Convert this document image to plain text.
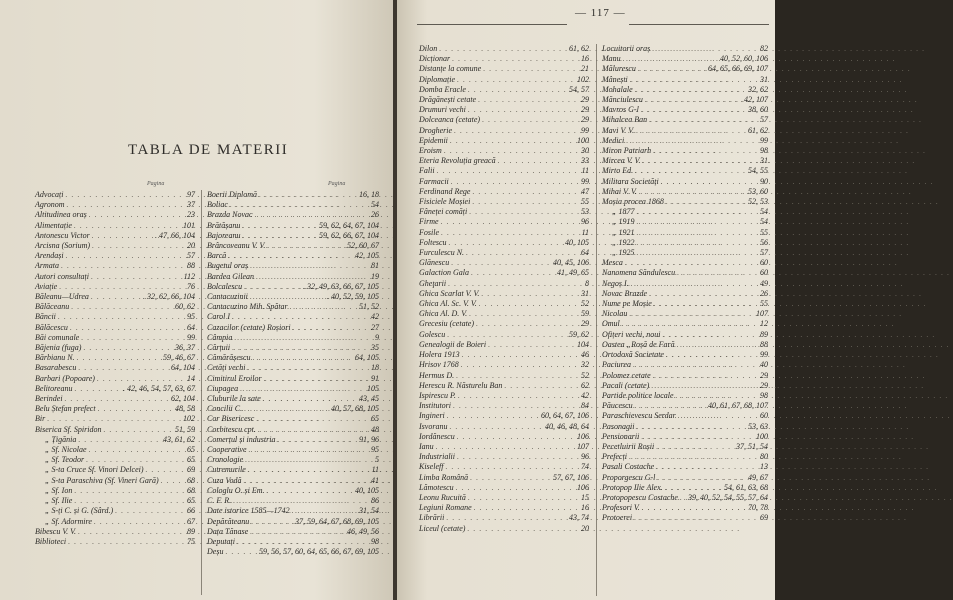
TABLA DE MATERII
Pagina	Pagina
Advocați . . .	97
Agronom . . .	37
Altitudinea oraș . . .	23
Alimentație . . .	101
Antonescu Victor . . .	. 47, 66, 104
Arcisna (Sorium) . . .	20
Arendași . . .	57
Armata . . .	88
Autori consultați . . .	112
Aviație . . .	76
Băleanu—Udrea . . .	. 32, 62, 66, 104
Bălăceanu . . .	60, 62
Băncii . . .	95
Bălăcescu . . .	64
Băi comunale . . .	99
Băjenia (fuga) . . .	36, 37
Bărbianu N. . . .	59, 46, 67
Basarabescu . . .	64, 104
Barbari (Popoare) . . .	14
Belitoreanu . . .	. 42, 46, 54, 57, 63, 67
Berindei . . .	62, 104
Belu Ștefan prefect . . .	48, 58
Bir . . .	102
Biserica Sf. Spiridon . . .	51, 59
„ Țigănia . . .	43, 61, 62
„ Sf. Nicolae . . .	65
„ Sf. Teodor . . .	65
„ S-ta Cruce Sf. Vinori Delcei) . . .	69
„ S-ta Paraschiva (Sf. Vineri Gară) . . .	68
„ Sf. Ion . . .	68
„ Sf. Ilie . . .	65
„ S-ți C. și G. (Sârd.) . . .	66
„ Sf. Adormire . . .	67
Bibescu V. V. . . .	89
Biblioteci . . .	75
Boerii Diplomă . . .	16, 18
Boliac . . .	54
Brazda Novac . . .	26
Brătășanu . . .	59, 62, 64, 67, 104
Bajoreanu . . .	59, 62, 66, 67, 104
Brâncoveanu V. V. . . .	52, 60, 67
Barcă . . .	42, 105
Bugetul oraș . . .	81
Bardea Gilean . . .	19
Bolcalescu . . .	. 32, 49, 63, 66, 67, 105
Cantacuzinii . . .	. 40, 52, 59, 105
Cantacuzino Mih. Spătar . . .	51, 52
Carol I . . .	42
Cazacilor (cetate) Roșiori . . .	27
Câmpia . . .	9
Cărțuii . . .	35
Cămărășescu . . .	64, 105
Cetăți vechi . . .	18
Cimitirul Eroilor . . .	91
Ciupagea . . .	105
Cluburile la sate . . .	43, 45
Concilii C. . . .	40, 57, 68, 105
Cor Bisericesc . . .	65
Corbitescu cpt. . . .	48
Comerțul și industria . . .	91, 96
Cooperative . . .	95
Cronologie . . .	5
Cutremurile . . .	11
Cuza Vodă . . .	41
Cologlu O. și Em. . . .	40, 105
C. F. R. . . .	86
Date istorice 1585—1742 . . .	31, 54
Depărăteanu . . .	37, 59, 64, 67, 68, 69, 105
Dața Tănase . . .	46, 49, 56
Deputați . . .	98
Deșu . . .	59, 56, 57, 60, 64, 65, 66, 67, 69, 105

— 117 —

Dilon . . .	61, 62
Dicționar . . .	16
Distanțe la comune . . .	21
Diplomație . . .	102
Domba Eracle . . .	54, 57
Drăgănești cetate . . .	29
Drumuri vechi . . .	29
Dolceanca (cetate) . . .	29
Drogherie . . .	99
Epidemii . . .	100
Eroism . . .	30
Eteria Revoluția greacă . . .	33
Falii . . .	11
Farmacii . . .	99
Ferdinand Rege . . .	47
Fisiciele Moșiei . . .	55
Fâneței comăți . . .	53
Firme . . .	96
Fosile . . .	11
Foltescu . . .	40, 105
Furculescu N. . . .	64
Glănescu . . .	40, 45, 106
Galaction Gala . . .	41, 49, 65
Gheţarii . . .	8
Ghica Scarlat V. V. . . .	31
Ghica Al. Sc. V. V. . . .	52
Ghica Al. D. V. . . .	59
Grecesiu (cetate) . . .	29
Golescu . . .	59, 62
Genealogii de Boieri . . .	104
Holera 1913 . . .	46
Hrisov 1768 . . .	32
Hermus D. . . .	52
Herescu R. Năsturelu Ban . . .	62
Ispirescu P. . . .	42
Institutori . . .	84
Ingineri . . .	60, 64, 67, 106
Isvoranu . . .	40, 46, 48, 64
Iordănescu . . .	106
Ianu . . .	107
Industrialii . . .	96
Kiseleff . . .	74
Limba Română . . .	57, 67, 106
Lămotescu . . .	106
Leonu Rucuită . . .	15
Legiuni Romane . . .	16
Librării . . .	43, 74
Liceul (cetate) . . .	20
Locuitorii oraș . . .	82
Manu . . .	40, 52, 60, 106
Mălurescu . . .	64, 65, 66, 69, 107
Mânești . . .	31
Mohalale . . .	32, 62
Mănciulescu . . .	42, 107
Mavros G-l . . .	38, 60
Mihalcea Ban . . .	57
Mavi V. V. . . .	61, 62
Medici . . .	99
Miron Patriarh . . .	98
Mircea V. V. . . .	31
Mirto Ed. . . .	54, 55
Militara Societăți . . .	90
Mihai V. V. . . .	53, 60
Moșia procea 1868 . . .	52, 53
„ 1877 . . .	54
„ 1919 . . .	54
„ 1921 . . .	55
„ 1922 . . .	56
„ 1925 . . .	57
Mesca . . .	60
Nanomena Săndulescu . . .	60
Negoș I. . . .	49
Novac Brazde . . .	26
Nume pe Moșie . . .	55
Nicolau . . .	107
Omul . . .	12
Ofițeri vechi, noui . . .	89
Oastea „Roșă de Fară . . .	88
Ortodoxă Societate . . .	99
Paciurea . . .	40
Polomez cetate . . .	29
Pacali (cetate) . . .	29
Partide politice locale . . .	98
Păucescu . . .	40, 61, 67, 68, 107
Paraschievescu Serdar . . .	60
Pasonagii . . .	53, 63
Pensionarii . . .	100
Pecetluirii Roșii . . .	37, 51, 54
Prefecți . . .	80
Pasali Costache . . .	13
Proporgescu G-l . . .	49, 67
Protopop Ilie Alex. . . .	54, 61, 63, 68
Protopopescu Costache . . . 39, 40, 52, 54, 55, 57, 64
Profesori V. . . .	70, 78
Protoerei . . .	69
